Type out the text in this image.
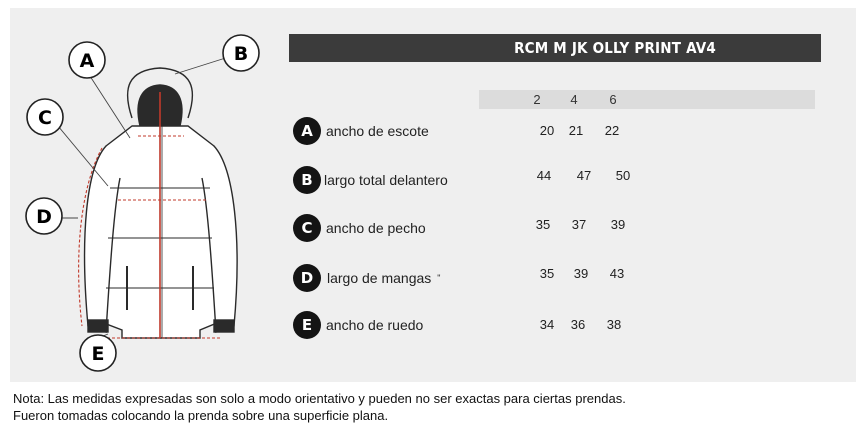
A	B
C
D
E
RCM M JK OLLY PRINT AV4
2	4	6
A ancho de escote	20	21	22
B largo total delantero	44	47	50
C ancho de pecho	35	37	39
D largo de mangas "	35	39	43
E ancho de ruedo	34	36	38
Nota: Las medidas expresadas son solo a modo orientativo y pueden no ser exactas para ciertas prendas.
Fueron tomadas colocando la prenda sobre una superficie plana.
